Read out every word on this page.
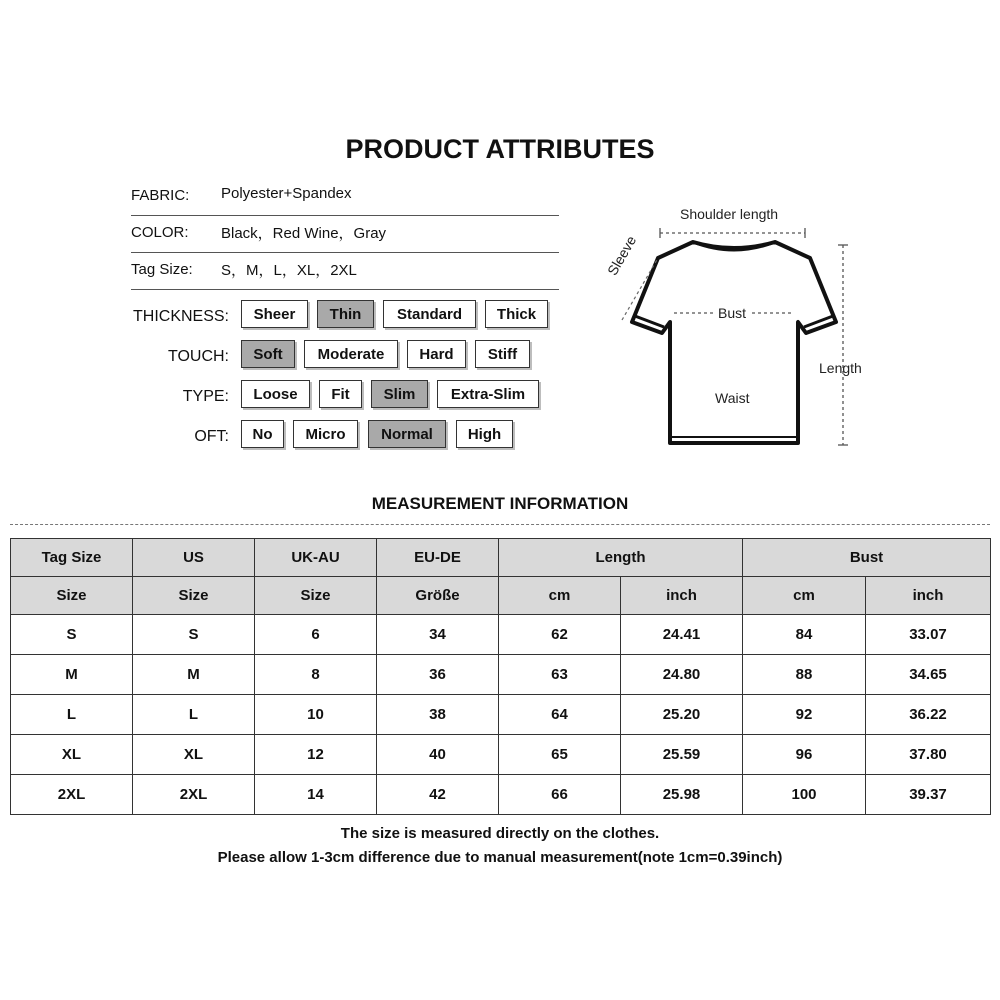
PRODUCT ATTRIBUTES
FABRIC: Polyester+Spandex
COLOR: Black，Red Wine，Gray
Tag Size: S，M，L，XL，2XL
THICKNESS:	Sheer	Thin	Standard	Thick
TOUCH:	Soft	Moderate	Hard	Stiff
TYPE:	Loose	Fit	Slim	Extra-Slim
OFT:	No	Micro	Normal	High
Shoulder length
Sleeve
Bust
Length
Waist
MEASUREMENT INFORMATION
Tag Size	US	UK-AU	EU-DE	Length		Bust	
Size	Size	Size	Größe	cm	inch	cm	inch
S	S	6	34	62	24.41	84	33.07
M	M	8	36	63	24.80	88	34.65
L	L	10	38	64	25.20	92	36.22
XL	XL	12	40	65	25.59	96	37.80
2XL	2XL	14	42	66	25.98	100	39.37
The size is measured directly on the clothes.
Please allow 1-3cm difference due to manual measurement(note 1cm=0.39inch)
